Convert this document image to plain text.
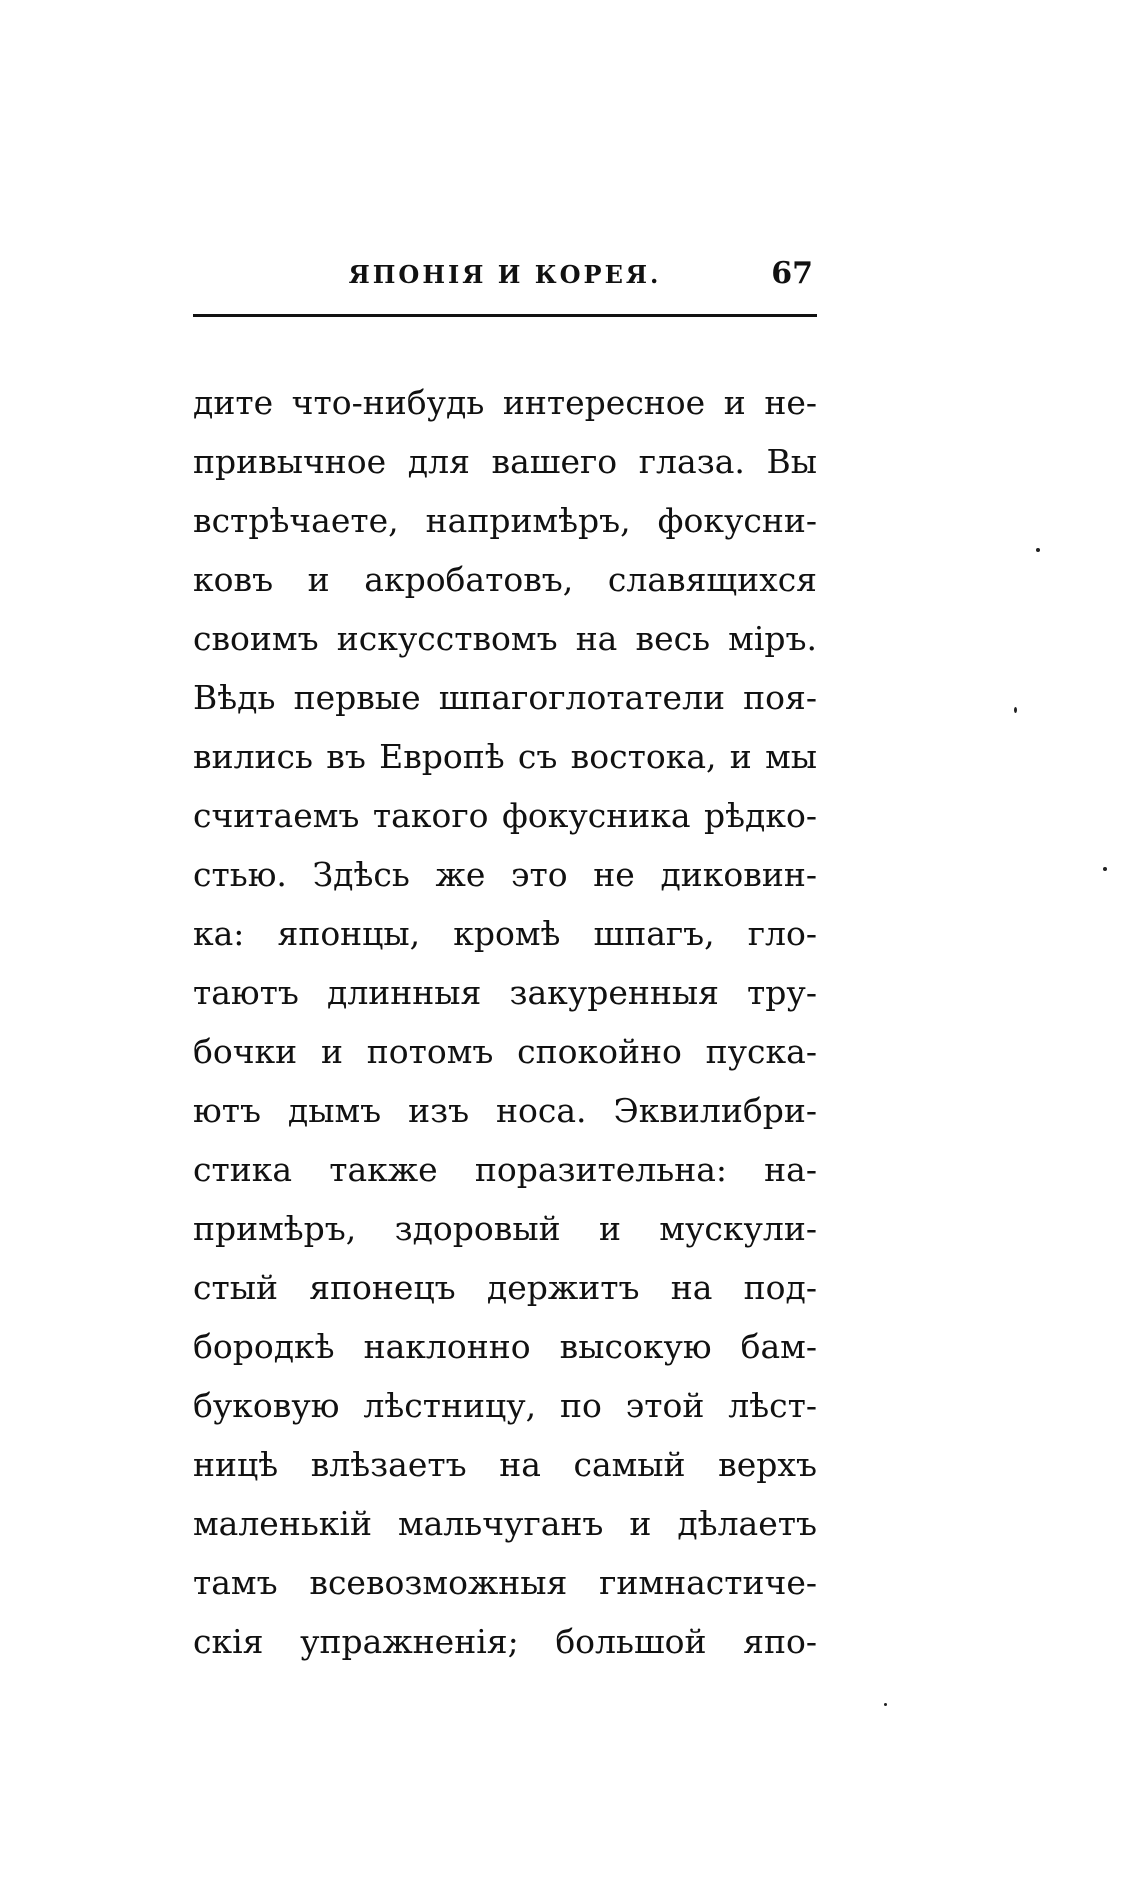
ЯПОНІЯ И КОРЕЯ.	67
дите что-нибудь интересное и не-
привычное для вашего глаза. Вы
встрѣчаете, напримѣръ, фокусни-
ковъ и акробатовъ, славящихся
своимъ искусствомъ на весь міръ.
Вѣдь первые шпагоглотатели поя-
вились въ Европѣ съ востока, и мы
считаемъ такого фокусника рѣдко-
стью. Здѣсь же это не диковин-
ка: японцы, кромѣ шпагъ, гло-
таютъ длинныя закуренныя тру-
бочки и потомъ спокойно пуска-
ютъ дымъ изъ носа. Эквилибри-
стика также поразительна: на-
примѣръ, здоровый и мускули-
стый японецъ держитъ на под-
бородкѣ наклонно высокую бам-
буковую лѣстницу, по этой лѣст-
ницѣ влѣзаетъ на самый верхъ
маленькій мальчуганъ и дѣлаетъ
тамъ всевозможныя гимнастиче-
скія упражненія; большой япо-
